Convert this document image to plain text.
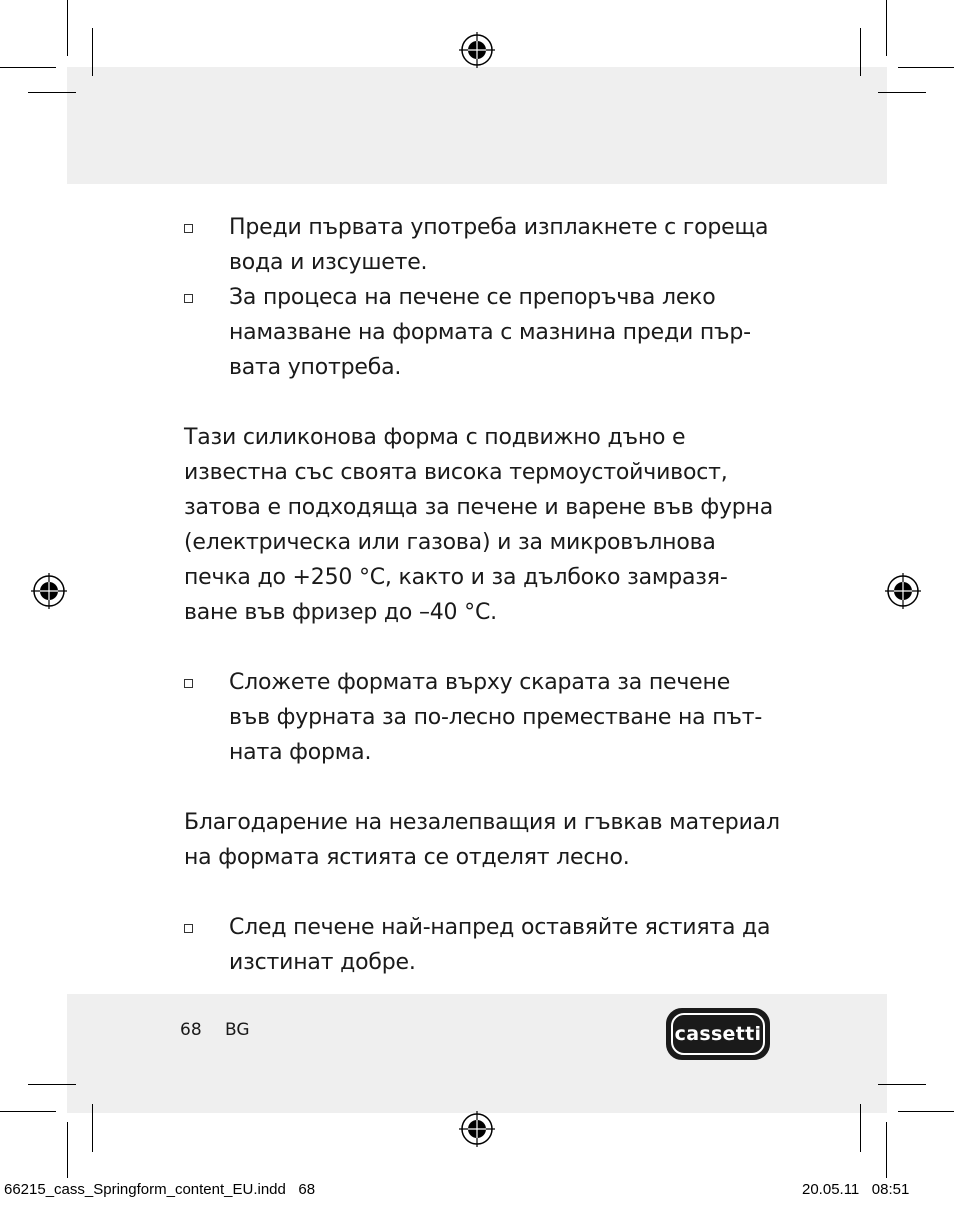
Преди първата употреба изплакнете с гореща
вода и изсушете.
За процеса на печене се препоръчва леко
намазване на формата с мазнина преди пър-
вата употреба.

Тази силиконова форма с подвижно дъно е
известна със своята висока термоустойчивост,
затова е подходяща за печене и варене във фурна
(електрическа или газова) и за микровълнова
печка до +250 °C, както и за дълбоко замразя-
ване във фризер до –40 °C.

Сложете формата върху скарата за печене
във фурната за по-лесно преместване на път-
ната форма.

Благодарение на незалепващия и гъвкав материал
на формата ястията се отделят лесно.

След печене най-напред оставяйте ястията да
изстинат добре.
68 BG	cassetti
66215_cass_Springform_content_EU.indd   68	20.05.11   08:51
